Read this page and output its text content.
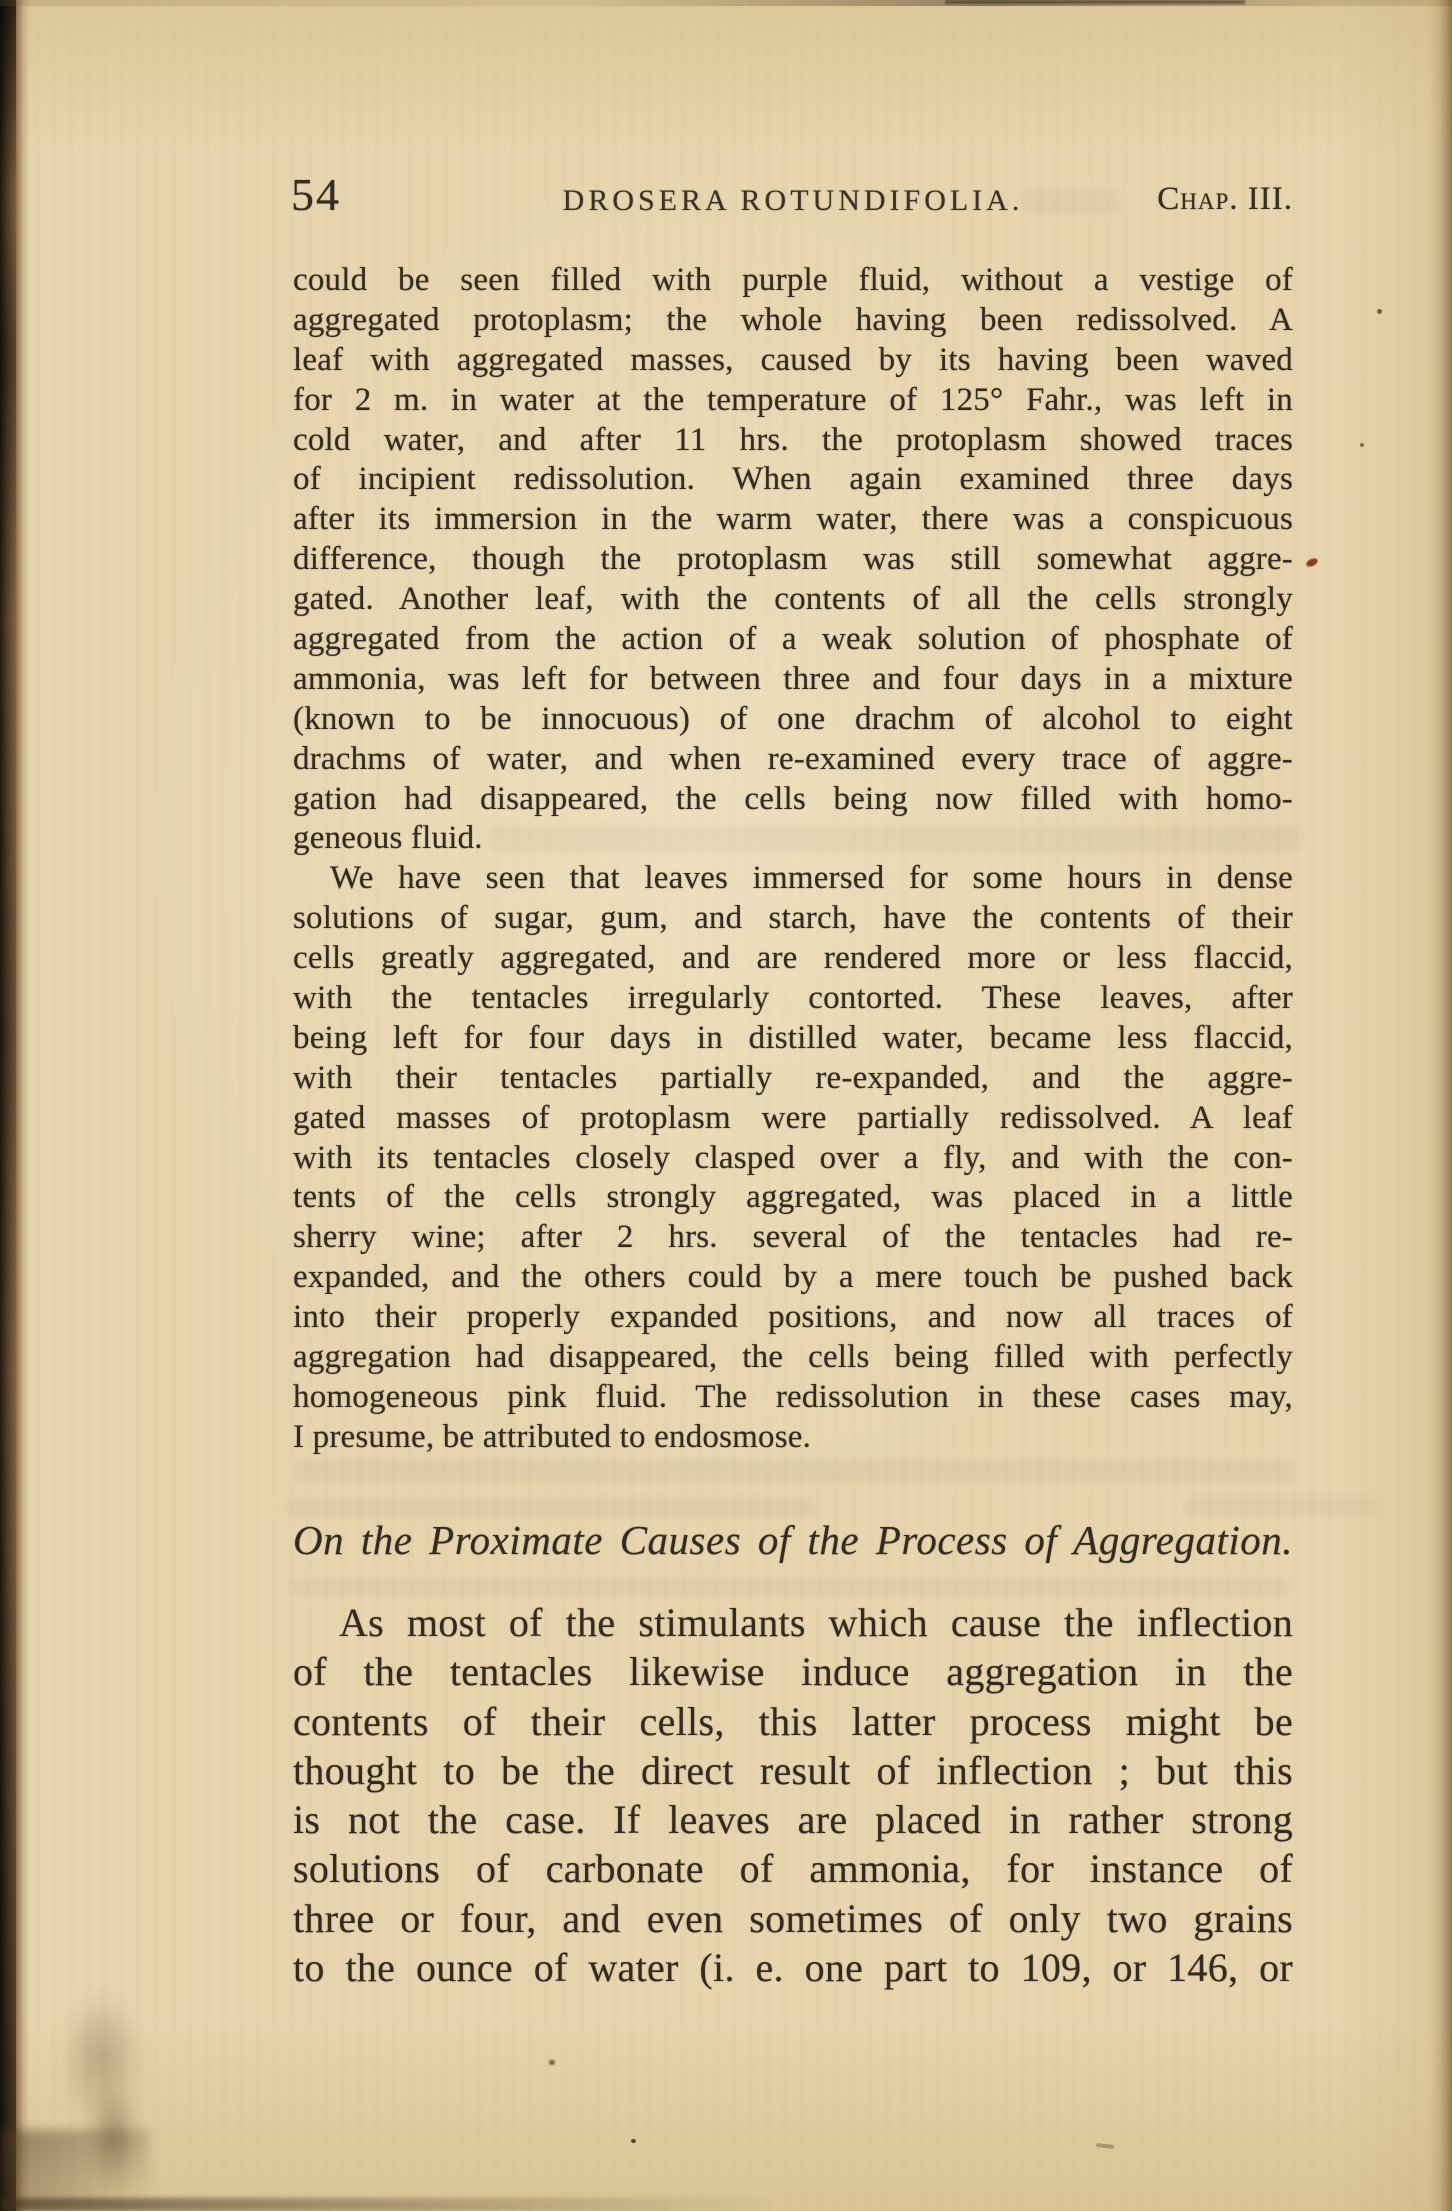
54	DROSERA ROTUNDIFOLIA.	Chap. III.
could be seen filled with purple fluid, without a vestige of
aggregated protoplasm; the whole having been redissolved. A
leaf with aggregated masses, caused by its having been waved
for 2 m. in water at the temperature of 125° Fahr., was left in
cold water, and after 11 hrs. the protoplasm showed traces
of incipient redissolution. When again examined three days
after its immersion in the warm water, there was a conspicuous
difference, though the protoplasm was still somewhat aggre-
gated. Another leaf, with the contents of all the cells strongly
aggregated from the action of a weak solution of phosphate of
ammonia, was left for between three and four days in a mixture
(known to be innocuous) of one drachm of alcohol to eight
drachms of water, and when re-examined every trace of aggre-
gation had disappeared, the cells being now filled with homo-
geneous fluid.
We have seen that leaves immersed for some hours in dense
solutions of sugar, gum, and starch, have the contents of their
cells greatly aggregated, and are rendered more or less flaccid,
with the tentacles irregularly contorted. These leaves, after
being left for four days in distilled water, became less flaccid,
with their tentacles partially re-expanded, and the aggre-
gated masses of protoplasm were partially redissolved. A leaf
with its tentacles closely clasped over a fly, and with the con-
tents of the cells strongly aggregated, was placed in a little
sherry wine; after 2 hrs. several of the tentacles had re-
expanded, and the others could by a mere touch be pushed back
into their properly expanded positions, and now all traces of
aggregation had disappeared, the cells being filled with perfectly
homogeneous pink fluid. The redissolution in these cases may,
I presume, be attributed to endosmose.
On the Proximate Causes of the Process of Aggregation.
As most of the stimulants which cause the inflection
of the tentacles likewise induce aggregation in the
contents of their cells, this latter process might be
thought to be the direct result of inflection ; but this
is not the case. If leaves are placed in rather strong
solutions of carbonate of ammonia, for instance of
three or four, and even sometimes of only two grains
to the ounce of water (i. e. one part to 109, or 146, or
